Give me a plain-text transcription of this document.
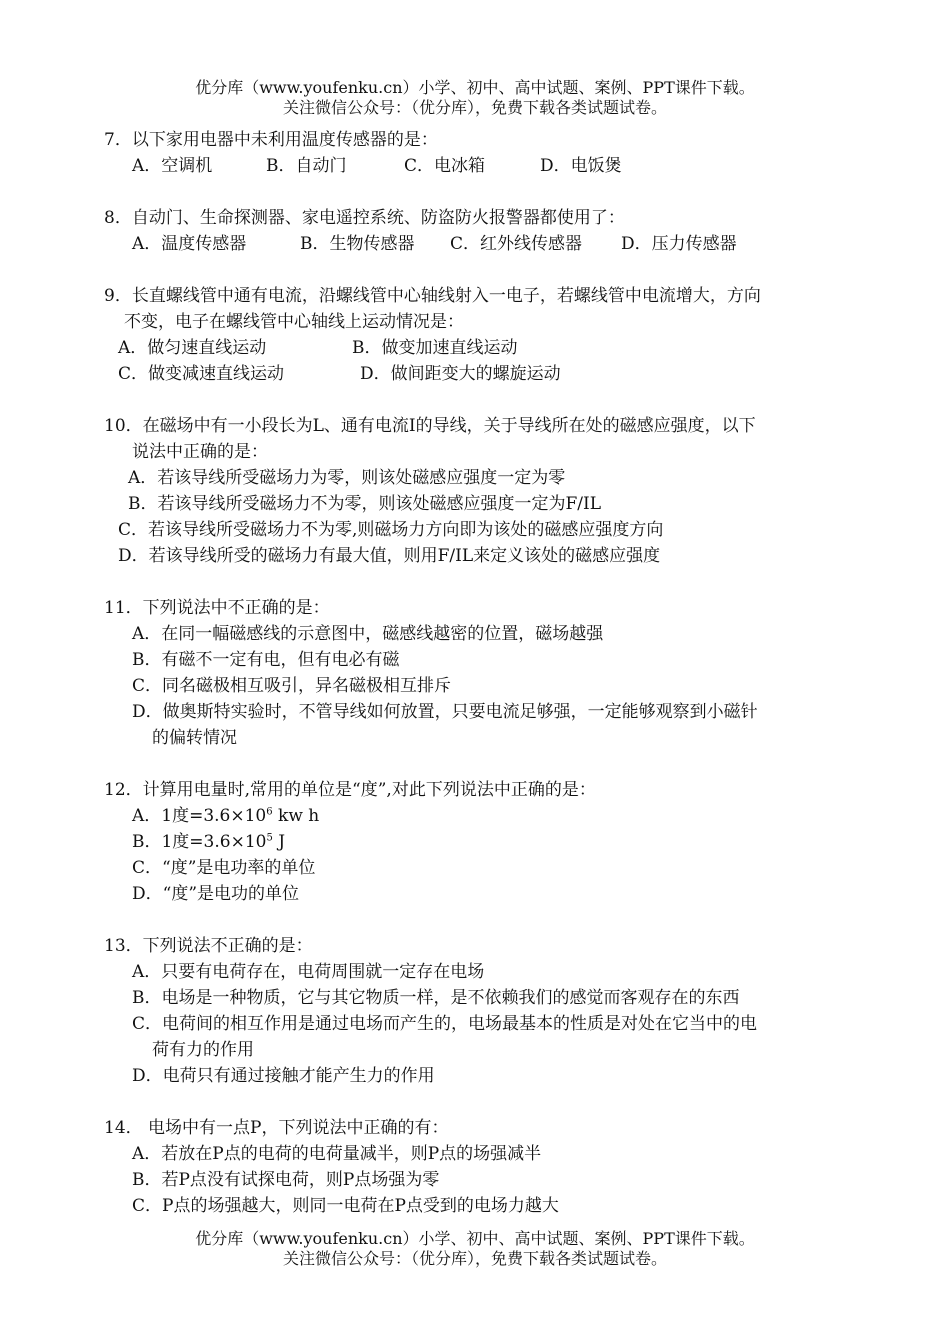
优分库（www.youfenku.cn）小学、初中、高中试题、案例、PPT课件下载。
关注微信公众号：（优分库），免费下载各类试题试卷。
7．以下家用电器中未利用温度传感器的是：
A．空调机	B．自动门	C．电冰箱	D．电饭煲
8．自动门、生命探测器、家电遥控系统、防盗防火报警器都使用了：
A．温度传感器	B．生物传感器 C．红外线传感器 D．压力传感器
9．长直螺线管中通有电流，沿螺线管中心轴线射入一电子，若螺线管中电流增大，方向
不变，电子在螺线管中心轴线上运动情况是：
A．做匀速直线运动	B．做变加速直线运动
C．做变减速直线运动	D．做间距变大的螺旋运动
10．在磁场中有一小段长为L、通有电流I的导线，关于导线所在处的磁感应强度，以下
说法中正确的是：
A．若该导线所受磁场力为零，则该处磁感应强度一定为零
B．若该导线所受磁场力不为零，则该处磁感应强度一定为F/IL
C．若该导线所受磁场力不为零,则磁场力方向即为该处的磁感应强度方向
D．若该导线所受的磁场力有最大值，则用F/IL来定义该处的磁感应强度
11．下列说法中不正确的是：
A．在同一幅磁感线的示意图中，磁感线越密的位置，磁场越强
B．有磁不一定有电，但有电必有磁
C．同名磁极相互吸引，异名磁极相互排斥
D．做奥斯特实验时，不管导线如何放置，只要电流足够强，一定能够观察到小磁针
的偏转情况
12．计算用电量时,常用的单位是“度”,对此下列说法中正确的是：
A．1度$=3.6\times 10^6$ kw h
B．1度$=3.6\times 10^5$ J
C．“度”是电功率的单位
D．“度”是电功的单位
13．下列说法不正确的是：
A．只要有电荷存在，电荷周围就一定存在电场
B．电场是一种物质，它与其它物质一样，是不依赖我们的感觉而客观存在的东西
C．电荷间的相互作用是通过电场而产生的，电场最基本的性质是对处在它当中的电
荷有力的作用
D．电荷只有通过接触才能产生力的作用
14． 电场中有一点P，下列说法中正确的有：
A．若放在P点的电荷的电荷量减半，则P点的场强减半
B．若P点没有试探电荷，则P点场强为零
C．P点的场强越大，则同一电荷在P点受到的电场力越大
优分库（www.youfenku.cn）小学、初中、高中试题、案例、PPT课件下载。
关注微信公众号：（优分库），免费下载各类试题试卷。
